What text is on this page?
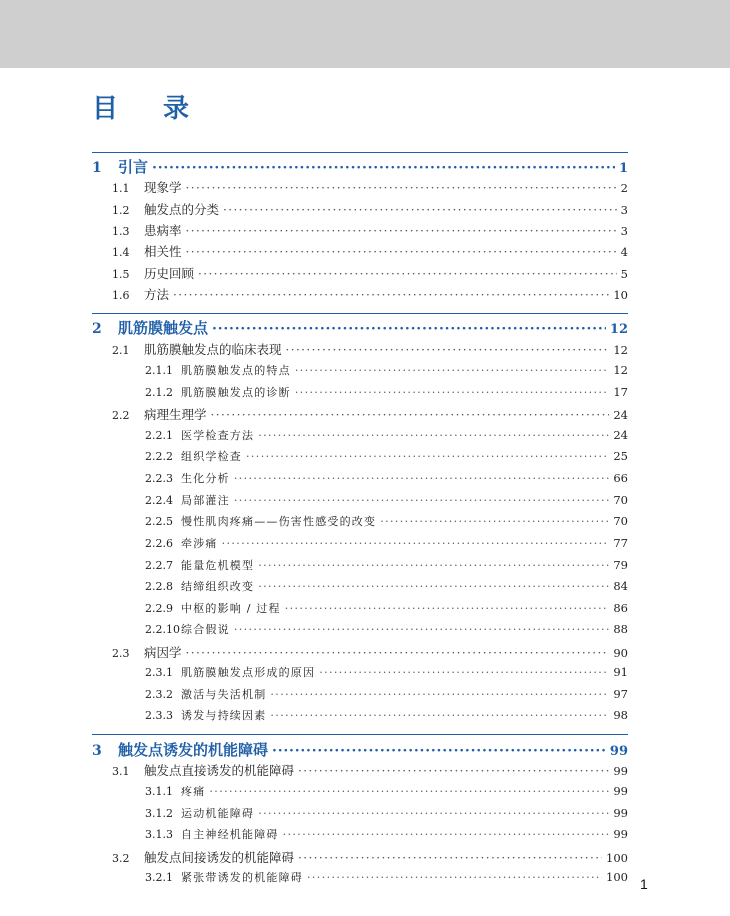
目 录
1	引言 ·····	1
1.1	现象学 ·····	2
1.2	触发点的分类 ·····	3
1.3	患病率 ·····	3
1.4	相关性 ·····	4
1.5	历史回顾 ·····	5
1.6	方法 ·····	10
2	肌筋膜触发点 ·····	12
2.1	肌筋膜触发点的临床表现 ·····	12
2.1.1 肌筋膜触发点的特点 ·····	12
2.1.2 肌筋膜触发点的诊断 ·····	17
2.2	病理生理学 ·····	24
2.2.1 医学检查方法 ·····	24
2.2.2 组织学检查 ·····	25
2.2.3 生化分析 ·····	66
2.2.4 局部灌注 ·····	70
2.2.5 慢性肌肉疼痛——伤害性感受的改变 ·····	70
2.2.6 牵涉痛 ·····	77
2.2.7 能量危机模型 ·····	79
2.2.8 结缔组织改变 ·····	84
2.2.9 中枢的影响 / 过程 ·····	86
2.2.10 综合假说 ·····	88
2.3	病因学 ·····	90
2.3.1 肌筋膜触发点形成的原因 ·····	91
2.3.2 激活与失活机制 ·····	97
2.3.3 诱发与持续因素 ·····	98
3	触发点诱发的机能障碍 ·····	99
3.1	触发点直接诱发的机能障碍 ·····	99
3.1.1 疼痛 ·····	99
3.1.2 运动机能障碍 ·····	99
3.1.3 自主神经机能障碍 ·····	99
3.2	触发点间接诱发的机能障碍 ·····	100
3.2.1 紧张带诱发的机能障碍 ·····	100 1
